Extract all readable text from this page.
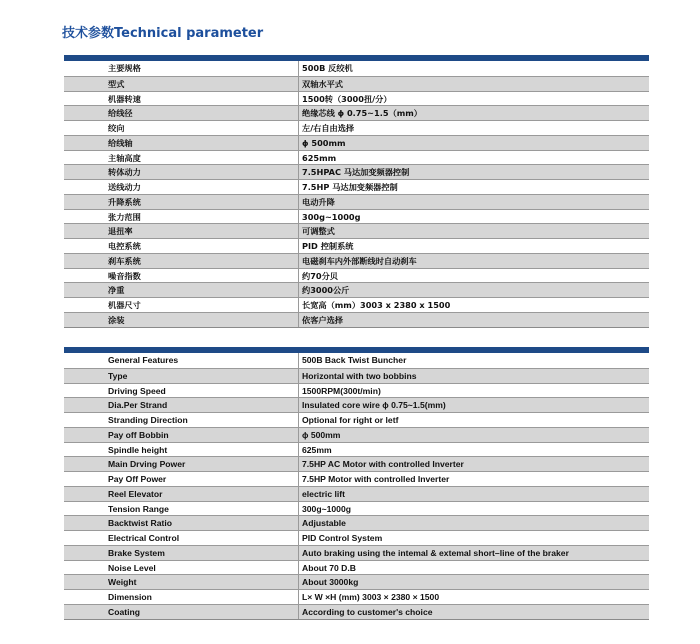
技术参数Technical parameter
主要规格	500B 反绞机
型式	双轴水平式
机器转速	1500转（3000扭/分）
给线径	绝缘芯线 ϕ 0.75~1.5（mm）
绞向	左/右自由选择
给线轴	ϕ 500mm
主轴高度	625mm
转体动力	7.5HPAC 马达加变频器控制
送线动力	7.5HP 马达加变频器控制
升降系统	电动升降
张力范围	300g~1000g
退扭率	可调整式
电控系统	PID 控制系统
刹车系统	电磁刹车内外部断线时自动刹车
噪音指数	约70分贝
净重	约3000公斤
机器尺寸	长宽高（mm）3003 x 2380 x 1500
涂装	依客户选择
General Features	500B Back Twist Buncher
Type	Horizontal with two bobbins
Driving Speed	1500RPM(300t/min)
Dia.Per Strand	Insulated core wire ϕ 0.75~1.5(mm)
Stranding Direction	Optional for right or letf
Pay off Bobbin	ϕ 500mm
Spindle height	625mm
Main Drving Power	7.5HP AC Motor with controlled Inverter
Pay Off Power	7.5HP Motor with controlled Inverter
Reel Elevator	electric lift
Tension Range	300g~1000g
Backtwist Ratio	Adjustable
Electrical Control	PID Control System
Brake System	Auto braking using the intemal & extemal short–line of the braker
Noise Level	About 70 D.B
Weight	About 3000kg
Dimension	L× W ×H (mm) 3003 × 2380 × 1500
Coating	According to customer's choice
